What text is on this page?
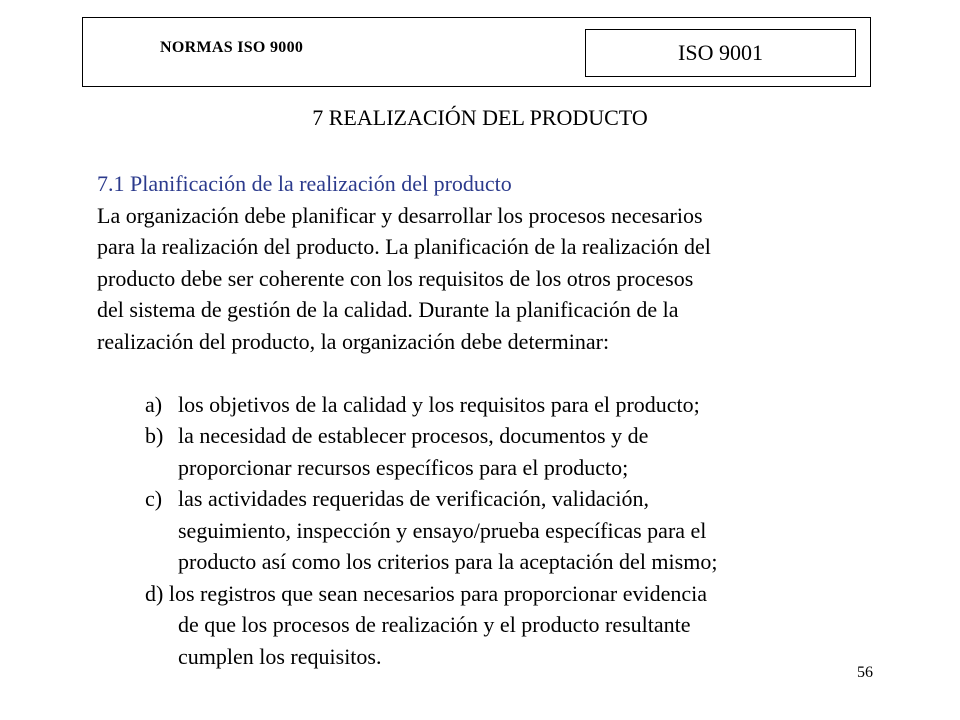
NORMAS ISO 9000	ISO 9001
7 REALIZACIÓN DEL PRODUCTO
7.1 Planificación de la realización del producto
La organización debe planificar y desarrollar los procesos necesarios
para la realización del producto. La planificación de la realización del
producto debe ser coherente con los requisitos de los otros procesos
del sistema de gestión de la calidad. Durante la planificación de la
realización del producto, la organización debe determinar:
a) los objetivos de la calidad y los requisitos para el producto;
b) la necesidad de establecer procesos, documentos y de
proporcionar recursos específicos para el producto;
c) las actividades requeridas de verificación, validación,
seguimiento, inspección y ensayo/prueba específicas para el
producto así como los criterios para la aceptación del mismo;
d) los registros que sean necesarios para proporcionar evidencia
de que los procesos de realización y el producto resultante
cumplen los requisitos.
56
